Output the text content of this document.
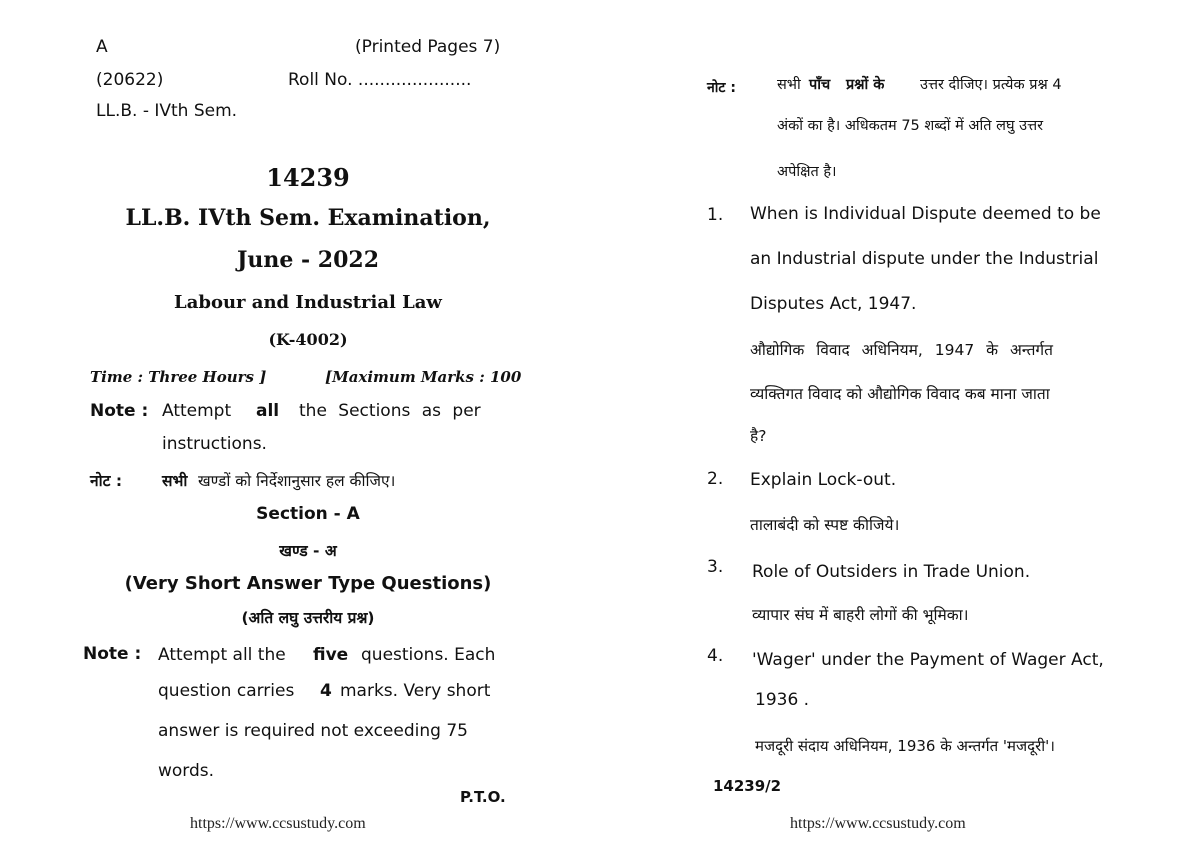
A	(Printed Pages 7)
(20622)	Roll No. .....................
LL.B. - IVth Sem.
14239
LL.B. IVth Sem. Examination,
June - 2022
Labour and Industrial Law
(K-4002)
Time : Three Hours ]	[Maximum Marks : 100
Note : Attempt all the Sections as per
instructions.
नोट :	सभी खण्डों को निर्देशानुसार हल कीजिए।
Section - A
खण्ड - अ
(Very Short Answer Type Questions)
(अति लघु उत्तरीय प्रश्न)
Note : Attempt all the five questions. Each
question carries 4 marks. Very short
answer is required not exceeding 75
words.
P.T.O.
https://www.ccsustudy.com
नोट :	सभी पाँच प्रश्नों के उत्तर दीजिए। प्रत्येक प्रश्न 4
अंकों का है। अधिकतम 75 शब्दों में अति लघु उत्तर
अपेक्षित है।
1. When is Individual Dispute deemed to be
an Industrial dispute under the Industrial
Disputes Act, 1947.
औद्योगिक विवाद अधिनियम, 1947 के अन्तर्गत
व्यक्तिगत विवाद को औद्योगिक विवाद कब माना जाता
है?
2. Explain Lock-out.
तालाबंदी को स्पष्ट कीजिये।
3. Role of Outsiders in Trade Union.
व्यापार संघ में बाहरी लोगों की भूमिका।
4. 'Wager' under the Payment of Wager Act,
1936 .
मजदूरी संदाय अधिनियम, 1936 के अन्तर्गत 'मजदूरी'।
14239/2
https://www.ccsustudy.com
